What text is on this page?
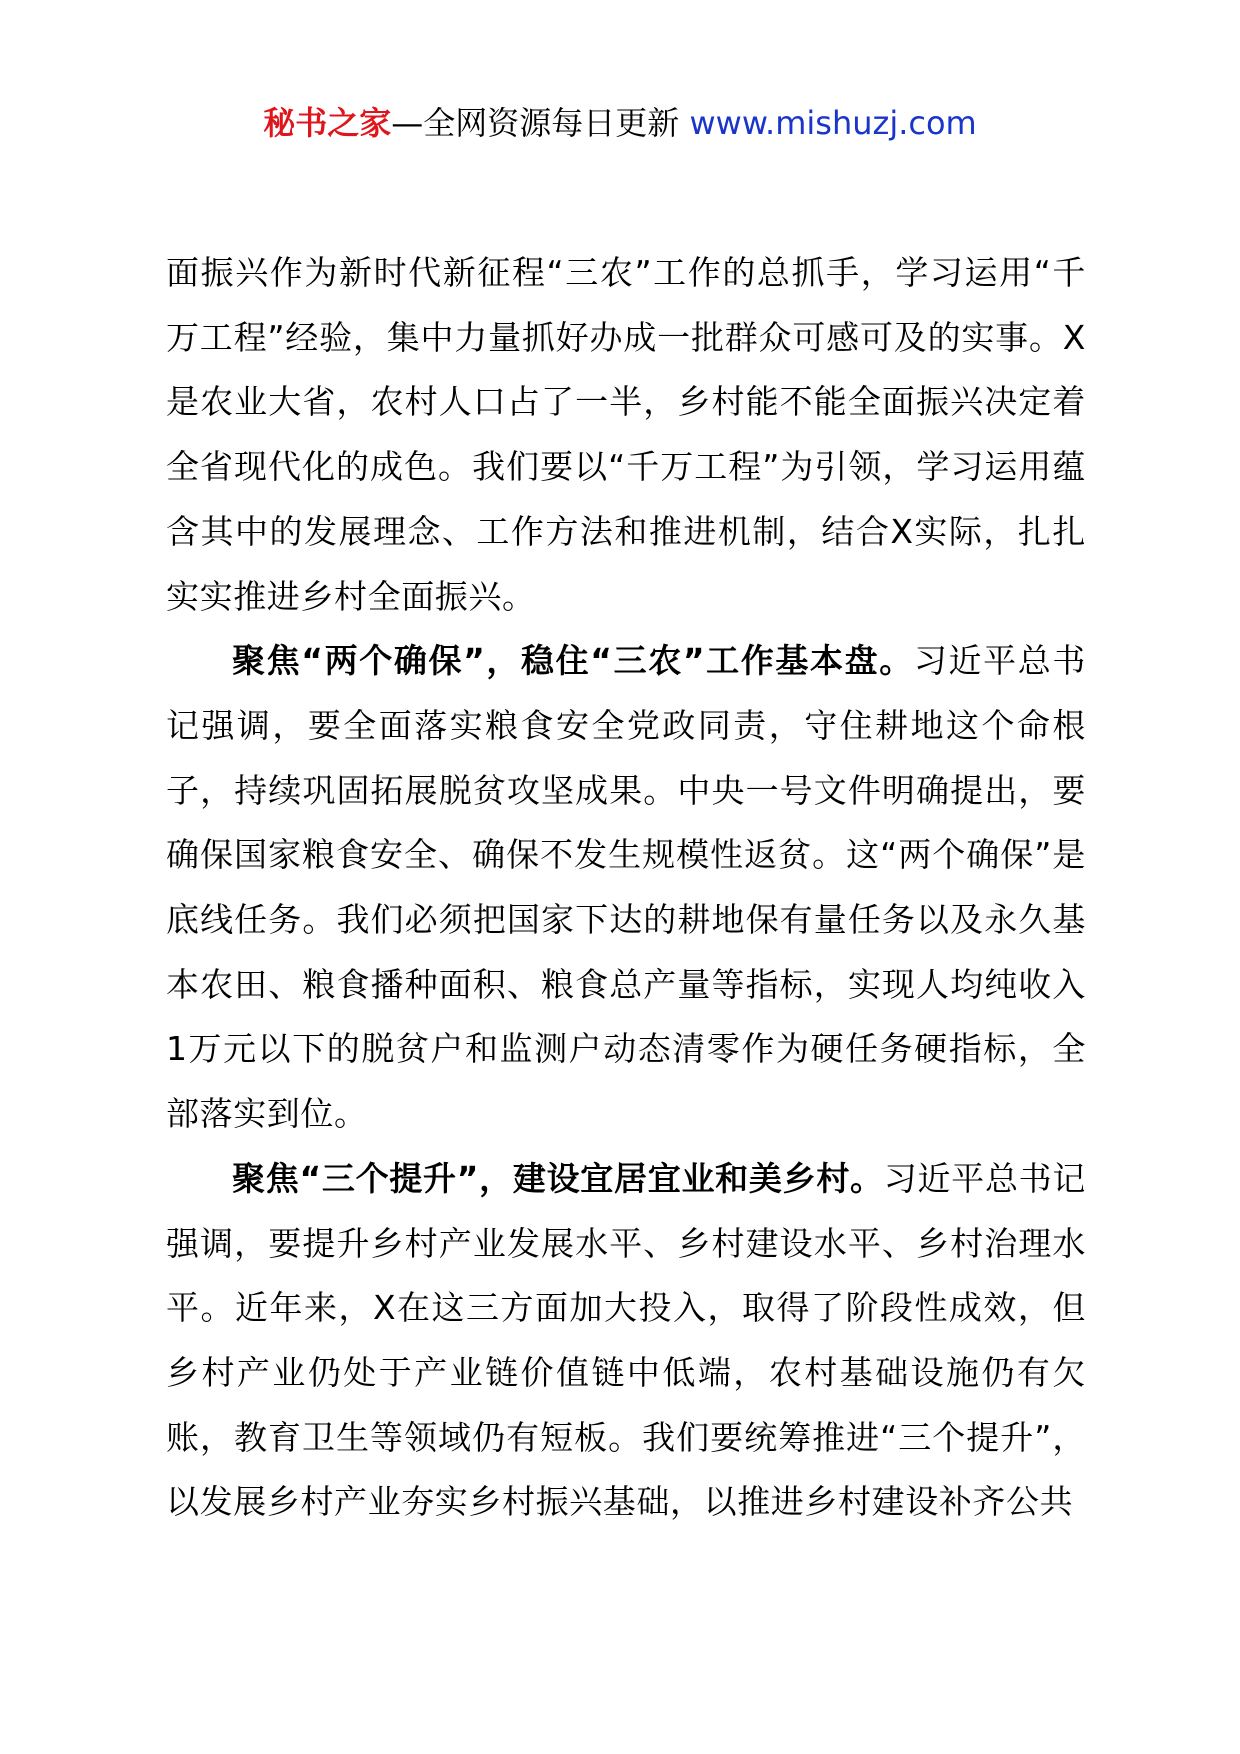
秘书之家—全网资源每日更新 www.mishuzj.com

面振兴作为新时代新征程“三农”工作的总抓手，学习运用“千万工程”经验，集中力量抓好办成一批群众可感可及的实事。X是农业大省，农村人口占了一半，乡村能不能全面振兴决定着全省现代化的成色。我们要以“千万工程”为引领，学习运用蕴含其中的发展理念、工作方法和推进机制，结合X实际，扎扎实实推进乡村全面振兴。

聚焦“两个确保”，稳住“三农”工作基本盘。习近平总书记强调，要全面落实粮食安全党政同责，守住耕地这个命根子，持续巩固拓展脱贫攻坚成果。中央一号文件明确提出，要确保国家粮食安全、确保不发生规模性返贫。这“两个确保”是底线任务。我们必须把国家下达的耕地保有量任务以及永久基本农田、粮食播种面积、粮食总产量等指标，实现人均纯收入1万元以下的脱贫户和监测户动态清零作为硬任务硬指标，全部落实到位。

聚焦“三个提升”，建设宜居宜业和美乡村。习近平总书记强调，要提升乡村产业发展水平、乡村建设水平、乡村治理水平。近年来，X在这三方面加大投入，取得了阶段性成效，但乡村产业仍处于产业链价值链中低端，农村基础设施仍有欠账，教育卫生等领域仍有短板。我们要统筹推进“三个提升”，以发展乡村产业夯实乡村振兴基础，以推进乡村建设补齐公共
